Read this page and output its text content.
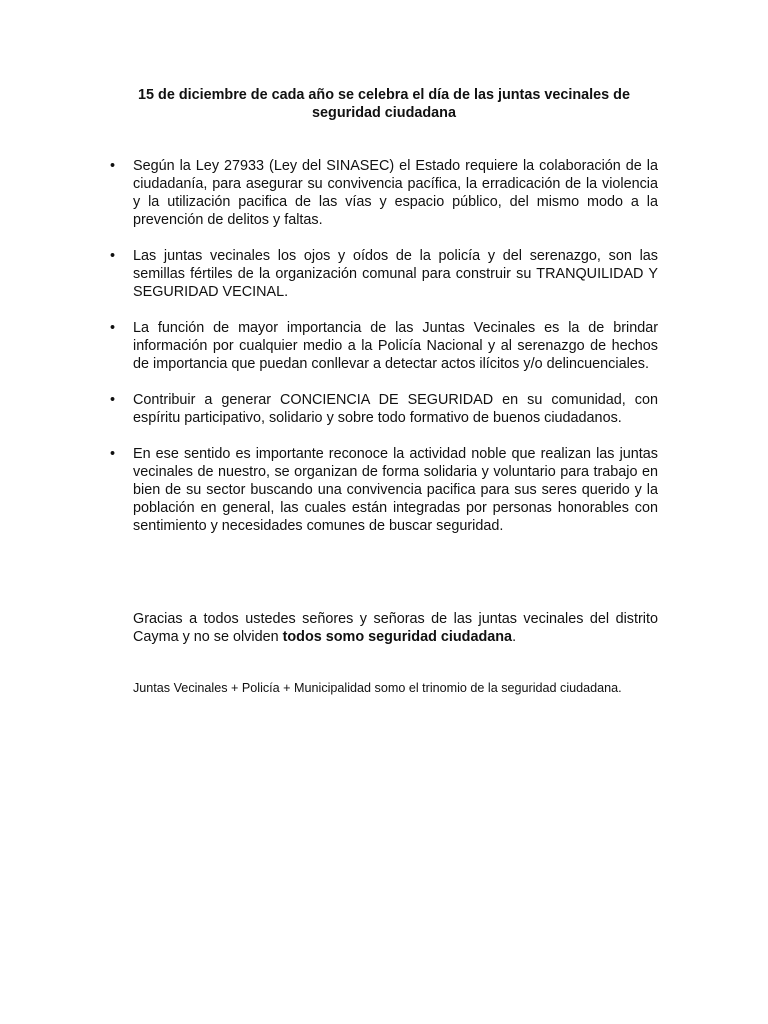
15 de diciembre de cada año se celebra el día de las juntas vecinales de seguridad ciudadana
•	Según la Ley 27933 (Ley del SINASEC) el Estado requiere la colaboración de la ciudadanía, para asegurar su convivencia pacífica, la erradicación de la violencia y la utilización pacifica de las vías y espacio público, del mismo modo a la prevención de delitos y faltas.
•	Las juntas vecinales los ojos y oídos de la policía y del serenazgo, son las semillas fértiles de la organización comunal para construir su TRANQUILIDAD Y SEGURIDAD VECINAL.
•	La función de mayor importancia de las Juntas Vecinales es la de brindar información por cualquier medio a la Policía Nacional y al serenazgo de hechos de importancia que puedan conllevar a detectar actos ilícitos y/o delincuenciales.
•	Contribuir a generar CONCIENCIA DE SEGURIDAD en su comunidad, con espíritu participativo, solidario y sobre todo formativo de buenos ciudadanos.
•	En ese sentido es importante reconoce la actividad noble que realizan las juntas vecinales de nuestro, se organizan de forma solidaria y voluntario para trabajo en bien de su sector buscando una convivencia pacifica para sus seres querido y la población en general, las cuales están integradas por personas honorables con sentimiento y necesidades comunes de buscar seguridad.

Gracias a todos ustedes señores y señoras de las juntas vecinales del distrito Cayma y no se olviden todos somo seguridad ciudadana.

Juntas Vecinales + Policía + Municipalidad somo el trinomio de la seguridad ciudadana.
